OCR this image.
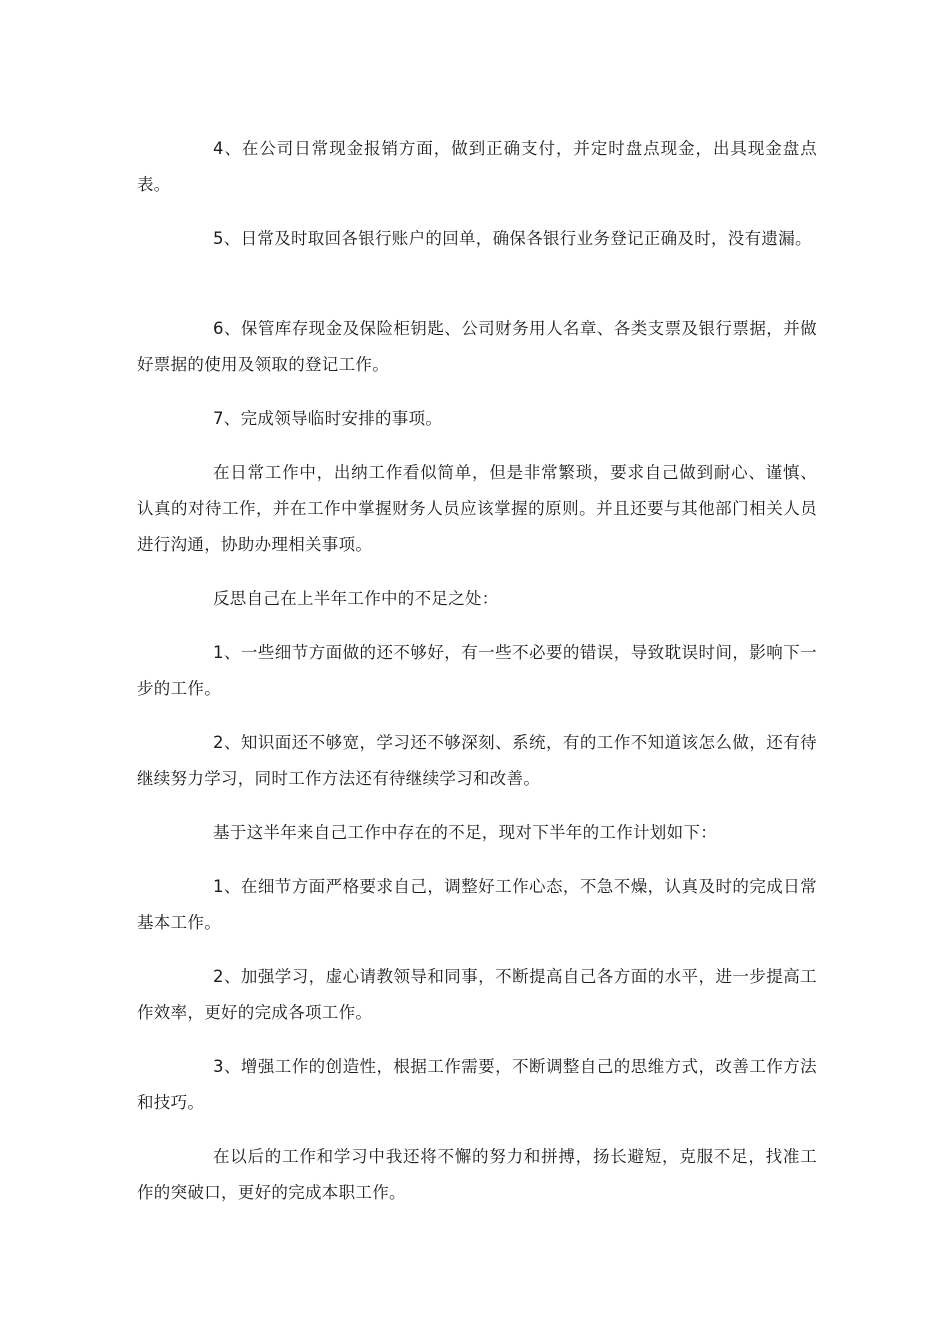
4、在公司日常现金报销方面，做到正确支付，并定时盘点现金，出具现金盘点表。

5、日常及时取回各银行账户的回单，确保各银行业务登记正确及时，没有遗漏。

6、保管库存现金及保险柜钥匙、公司财务用人名章、各类支票及银行票据，并做好票据的使用及领取的登记工作。

7、完成领导临时安排的事项。

在日常工作中，出纳工作看似简单，但是非常繁琐，要求自己做到耐心、谨慎、认真的对待工作，并在工作中掌握财务人员应该掌握的原则。并且还要与其他部门相关人员进行沟通，协助办理相关事项。

反思自己在上半年工作中的不足之处：

1、一些细节方面做的还不够好，有一些不必要的错误，导致耽误时间，影响下一步的工作。

2、知识面还不够宽，学习还不够深刻、系统，有的工作不知道该怎么做，还有待继续努力学习，同时工作方法还有待继续学习和改善。

基于这半年来自己工作中存在的不足，现对下半年的工作计划如下：

1、在细节方面严格要求自己，调整好工作心态，不急不燥，认真及时的完成日常基本工作。

2、加强学习，虚心请教领导和同事，不断提高自己各方面的水平，进一步提高工作效率，更好的完成各项工作。

3、增强工作的创造性，根据工作需要，不断调整自己的思维方式，改善工作方法和技巧。

在以后的工作和学习中我还将不懈的努力和拼搏，扬长避短，克服不足，找准工作的突破口，更好的完成本职工作。
